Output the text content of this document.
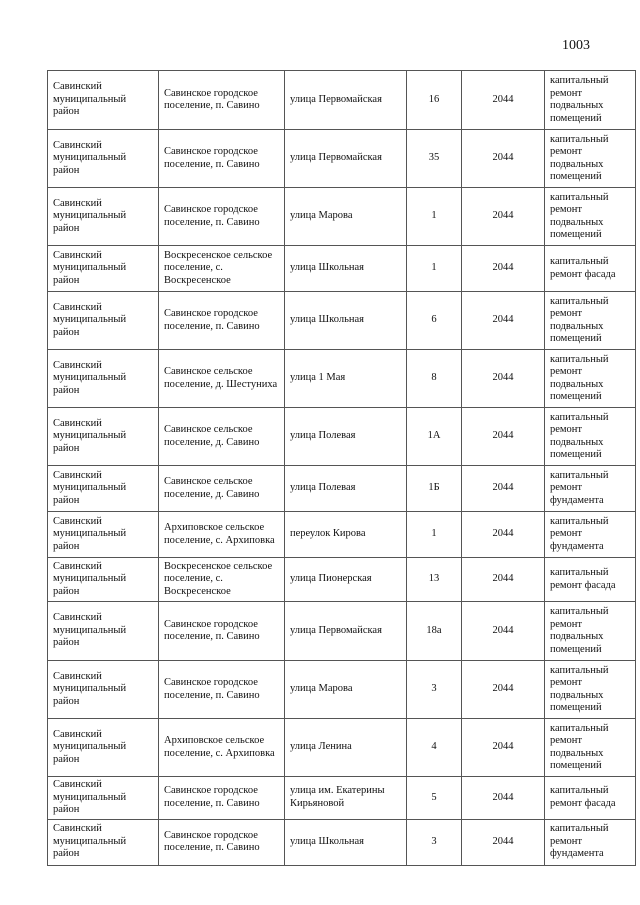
1003
Савинский муниципальный район	Савинское городское поселение, п. Савино	улица Первомайская	16	2044	капитальный ремонт подвальных помещений
Савинский муниципальный район	Савинское городское поселение, п. Савино	улица Первомайская	35	2044	капитальный ремонт подвальных помещений
Савинский муниципальный район	Савинское городское поселение, п. Савино	улица Марова	1	2044	капитальный ремонт подвальных помещений
Савинский муниципальный район	Воскресенское сельское поселение, с. Воскресенское	улица Школьная	1	2044	капитальный ремонт фасада
Савинский муниципальный район	Савинское городское поселение, п. Савино	улица Школьная	6	2044	капитальный ремонт подвальных помещений
Савинский муниципальный район	Савинское сельское поселение, д. Шестуниха	улица 1 Мая	8	2044	капитальный ремонт подвальных помещений
Савинский муниципальный район	Савинское сельское поселение, д. Савино	улица Полевая	1А	2044	капитальный ремонт подвальных помещений
Савинский муниципальный район	Савинское сельское поселение, д. Савино	улица Полевая	1Б	2044	капитальный ремонт фундамента
Савинский муниципальный район	Архиповское сельское поселение, с. Архиповка	переулок Кирова	1	2044	капитальный ремонт фундамента
Савинский муниципальный район	Воскресенское сельское поселение, с. Воскресенское	улица Пионерская	13	2044	капитальный ремонт фасада
Савинский муниципальный район	Савинское городское поселение, п. Савино	улица Первомайская	18а	2044	капитальный ремонт подвальных помещений
Савинский муниципальный район	Савинское городское поселение, п. Савино	улица Марова	3	2044	капитальный ремонт подвальных помещений
Савинский муниципальный район	Архиповское сельское поселение, с. Архиповка	улица Ленина	4	2044	капитальный ремонт подвальных помещений
Савинский муниципальный район	Савинское городское поселение, п. Савино	улица им. Екатерины Кирьяновой	5	2044	капитальный ремонт фасада
Савинский муниципальный район	Савинское городское поселение, п. Савино	улица Школьная	3	2044	капитальный ремонт фундамента
